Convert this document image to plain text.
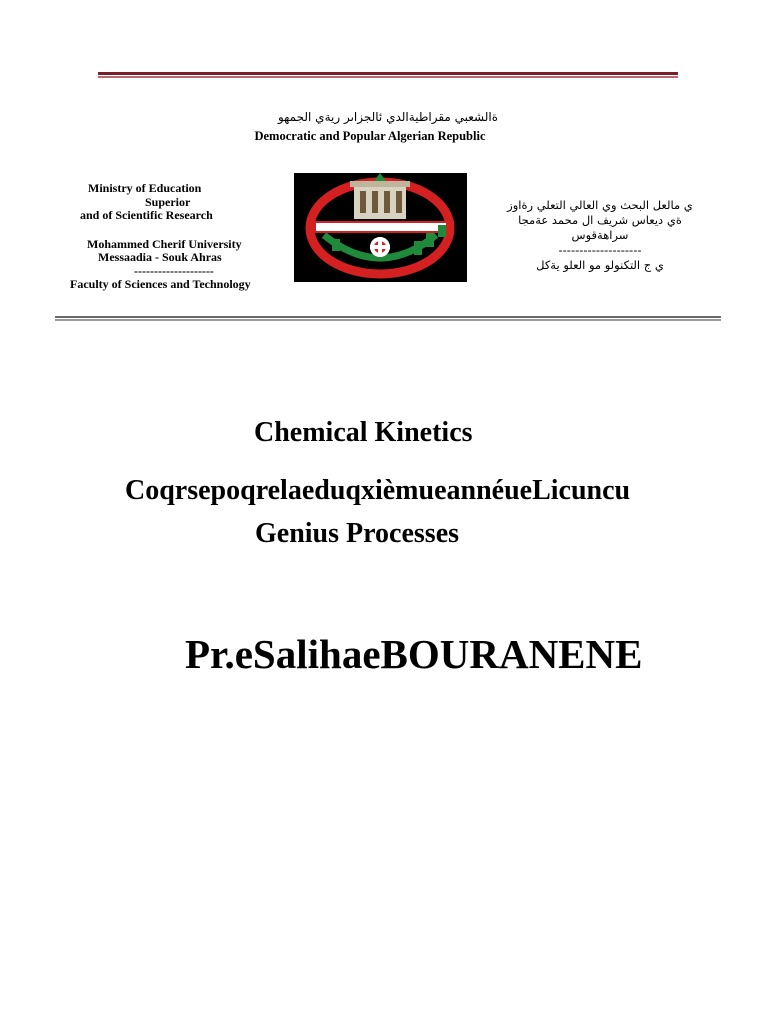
ةالشعبي مقراطيةالدي ئالجزاىر ريةي الجمهو
Democratic and Popular Algerian Republic
Ministry of Education
Superior
and of Scientific Research
Mohammed Cherif University
Messaadia - Souk Ahras
--------------------
Faculty of Sciences and Technology
ي مالعل البحث وي العالي التعلي رةاوز
ةي ديعاس شريف ال محمد عةمجا
سراهةقوس
--------------------
ي ج التكنولو مو العلو يةكل
Chemical Kinetics
CoqrsepoqrelaeduqxièmueannéueLicuncu
Genius Processes
Pr.eSalihaeBOURANENE
